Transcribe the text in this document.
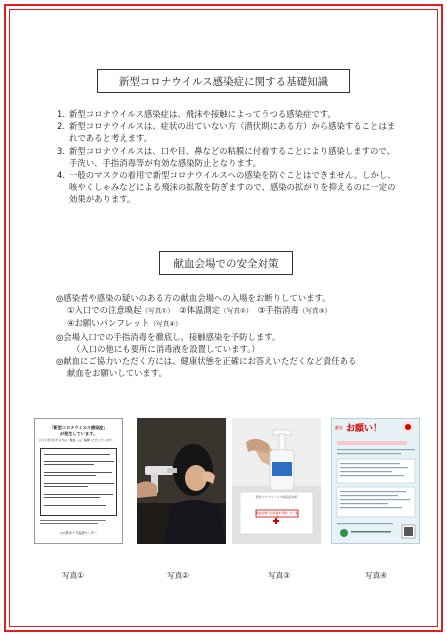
新型コロナウイルス感染症に関する基礎知識
1. 新型コロナウイルス感染症は、飛沫や接触によってうつる感染症です。
2. 新型コロナウイルスは、症状の出ていない方（潜伏期にある方）から感染することはまれであると考えます。
3. 新型コロナウイルスは、口や目、鼻などの粘膜に付着することにより感染しますので、手洗い、手指消毒等が有効な感染防止となります。
4. 一般のマスクの着用で新型コロナウイルスへの感染を防ぐことはできません。しかし、咳やくしゃみなどによる飛沫の拡散を防ぎますので、感染の拡がりを抑えるのに一定の効果があります。
献血会場での安全対策
◎感染者や感染の疑いのある方の献血会場への入場をお断りしています。
①入口での注意喚起（写真①） ②体温測定（写真②） ③手指消毒（写真③）
④お願いパンフレット（写真④）
◎会場入口での手指消毒を徹底し、接触感染を予防します。
（入口の他にも要所に消毒液を設置しています。）
◎献血にご協力いただく方には、健康状態を正確にお答えいただくなど責任ある
献血をお願いしています。
「新型コロナウイルス感染症」
が発生しています。
以下に該当される方は「献血」はご遠慮いただいています。
○○県赤十字血液センター
新型コロナウイルス感染症対策
献血会場では消毒を実施しています
献血 お願い！
写真①	写真②	写真③	写真④
